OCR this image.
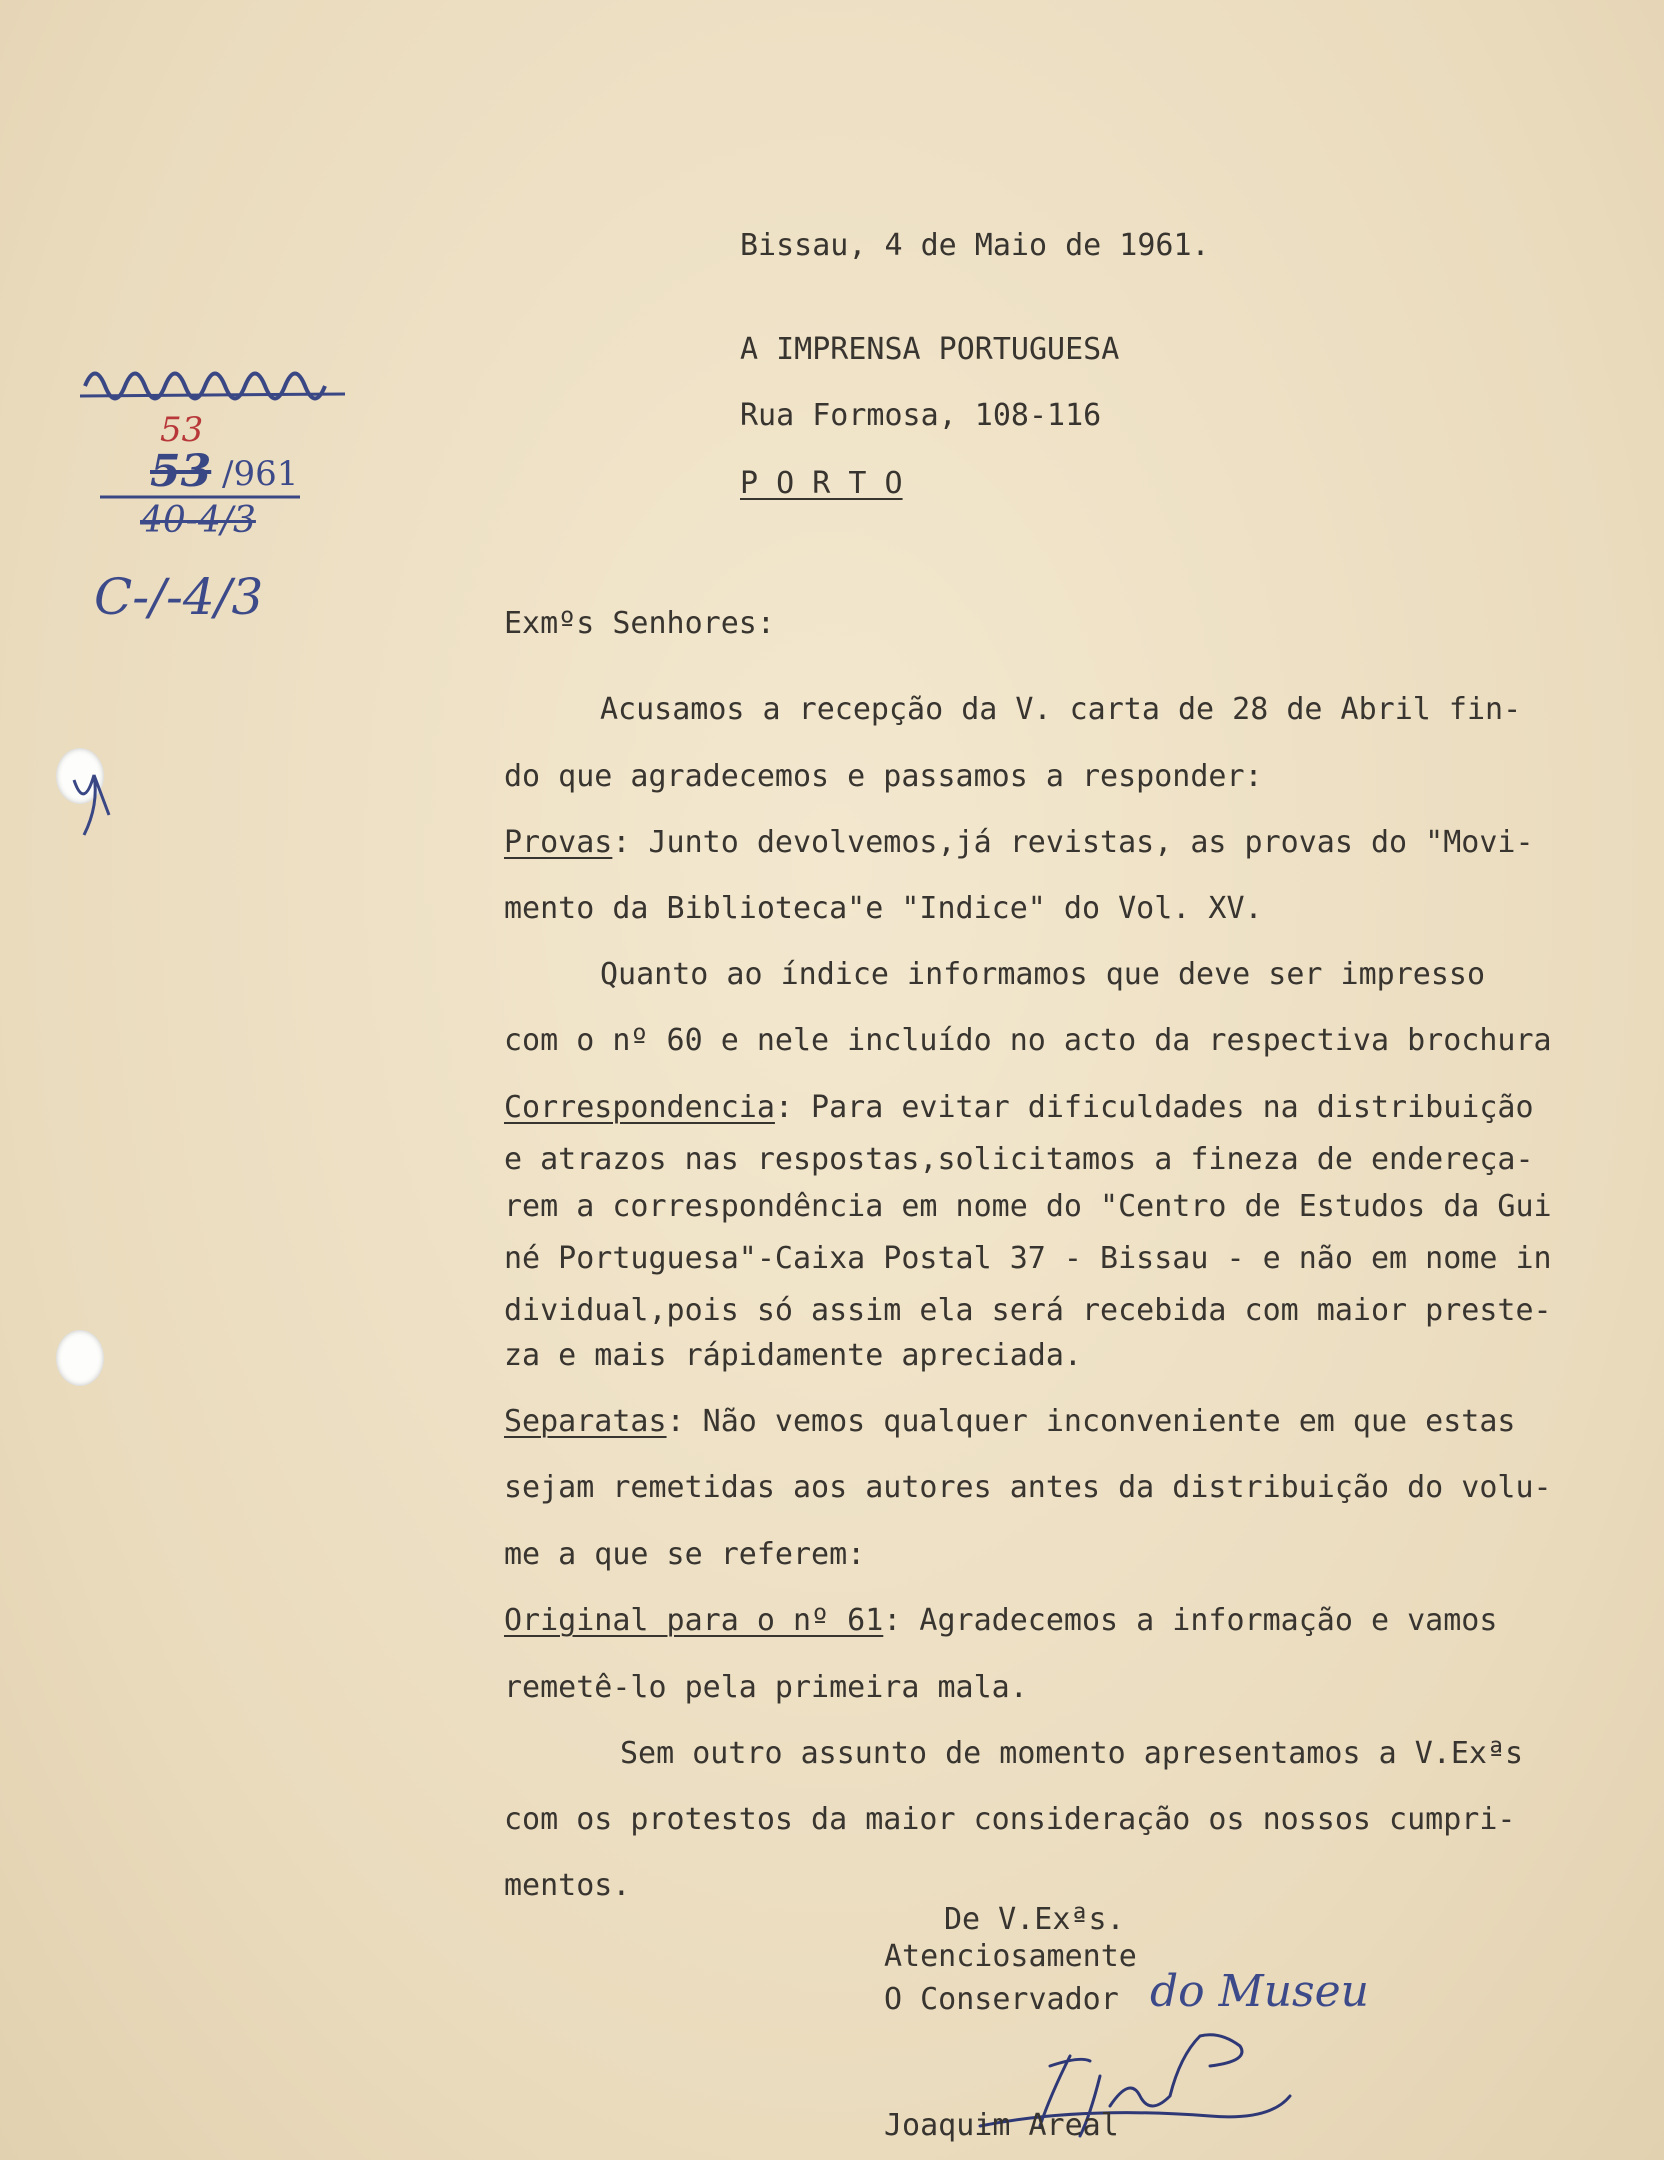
Bissau, 4 de Maio de 1961.
A IMPRENSA PORTUGUESA
Rua Formosa, 108-116
P O R T O
53
53
/961
40-4/3
C-/-4/3	Exmºs Senhores:
Acusamos a recepção da V. carta de 28 de Abril fin-
do que agradecemos e passamos a responder:
Provas: Junto devolvemos,já revistas, as provas do "Movi-
mento da Biblioteca"e "Indice" do Vol. XV.
Quanto ao índice informamos que deve ser impresso
com o nº 60 e nele incluído no acto da respectiva brochura
Correspondencia: Para evitar dificuldades na distribuição
e atrazos nas respostas,solicitamos a fineza de endereça-
rem a correspondência em nome do "Centro de Estudos da Gui
né Portuguesa"-Caixa Postal 37 - Bissau - e não em nome in
dividual,pois só assim ela será recebida com maior preste-
za e mais rápidamente apreciada.
Separatas: Não vemos qualquer inconveniente em que estas
sejam remetidas aos autores antes da distribuição do volu-
me a que se referem:
Original para o nº 61: Agradecemos a informação e vamos
remetê-lo pela primeira mala.
Sem outro assunto de momento apresentamos a V.Exªs
com os protestos da maior consideração os nossos cumpri-
mentos.
De V.Exªs.
Atenciosamente
O Conservador do Museu
Joaquim Areal
